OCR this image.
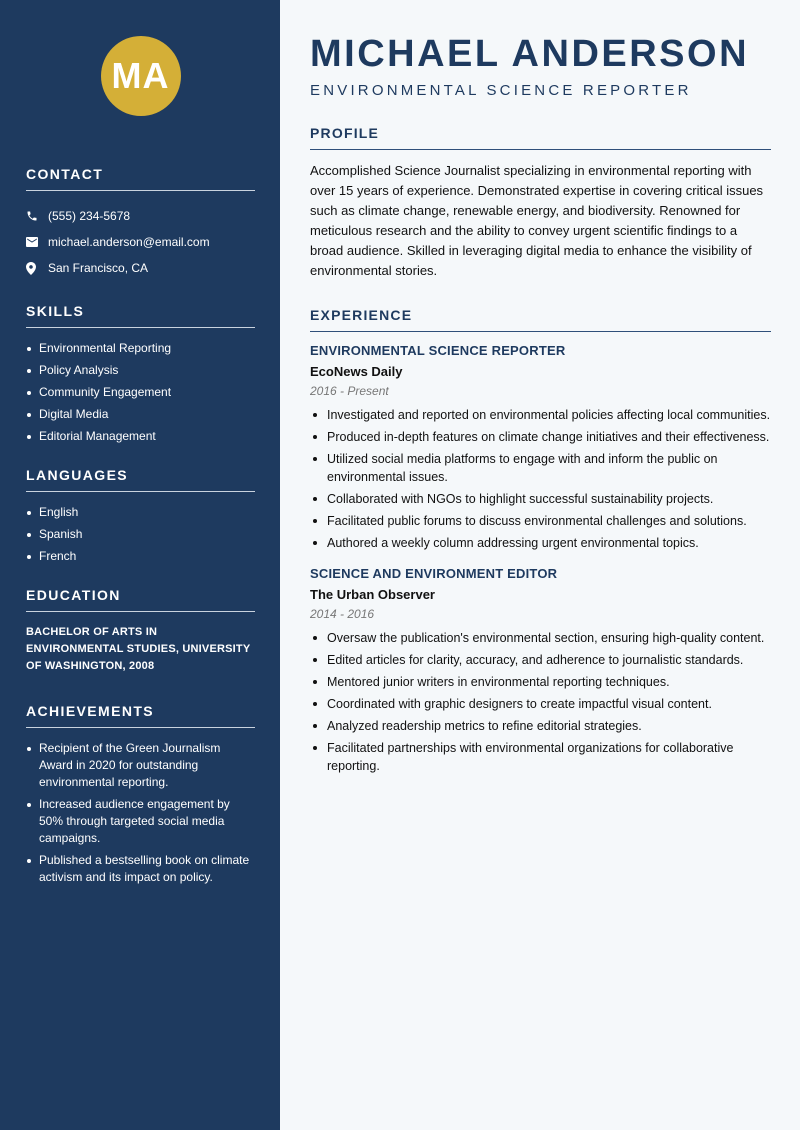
MA
CONTACT
(555) 234-5678
michael.anderson@email.com
San Francisco, CA
SKILLS
Environmental Reporting
Policy Analysis
Community Engagement
Digital Media
Editorial Management
LANGUAGES
English
Spanish
French
EDUCATION

BACHELOR OF ARTS IN ENVIRONMENTAL STUDIES, UNIVERSITY OF WASHINGTON, 2008

ACHIEVEMENTS
Recipient of the Green Journalism Award in 2020 for outstanding environmental reporting.
Increased audience engagement by 50% through targeted social media campaigns.
Published a bestselling book on climate activism and its impact on policy.
MICHAEL ANDERSON
ENVIRONMENTAL SCIENCE REPORTER
PROFILE

Accomplished Science Journalist specializing in environmental reporting with over 15 years of experience. Demonstrated expertise in covering critical issues such as climate change, renewable energy, and biodiversity. Renowned for meticulous research and the ability to convey urgent scientific findings to a broad audience. Skilled in leveraging digital media to enhance the visibility of environmental stories.

EXPERIENCE
ENVIRONMENTAL SCIENCE REPORTER
EcoNews Daily
2016 - Present
Investigated and reported on environmental policies affecting local communities.
Produced in-depth features on climate change initiatives and their effectiveness.
Utilized social media platforms to engage with and inform the public on environmental issues.
Collaborated with NGOs to highlight successful sustainability projects.
Facilitated public forums to discuss environmental challenges and solutions.
Authored a weekly column addressing urgent environmental topics.
SCIENCE AND ENVIRONMENT EDITOR
The Urban Observer
2014 - 2016
Oversaw the publication's environmental section, ensuring high-quality content.
Edited articles for clarity, accuracy, and adherence to journalistic standards.
Mentored junior writers in environmental reporting techniques.
Coordinated with graphic designers to create impactful visual content.
Analyzed readership metrics to refine editorial strategies.
Facilitated partnerships with environmental organizations for collaborative reporting.
